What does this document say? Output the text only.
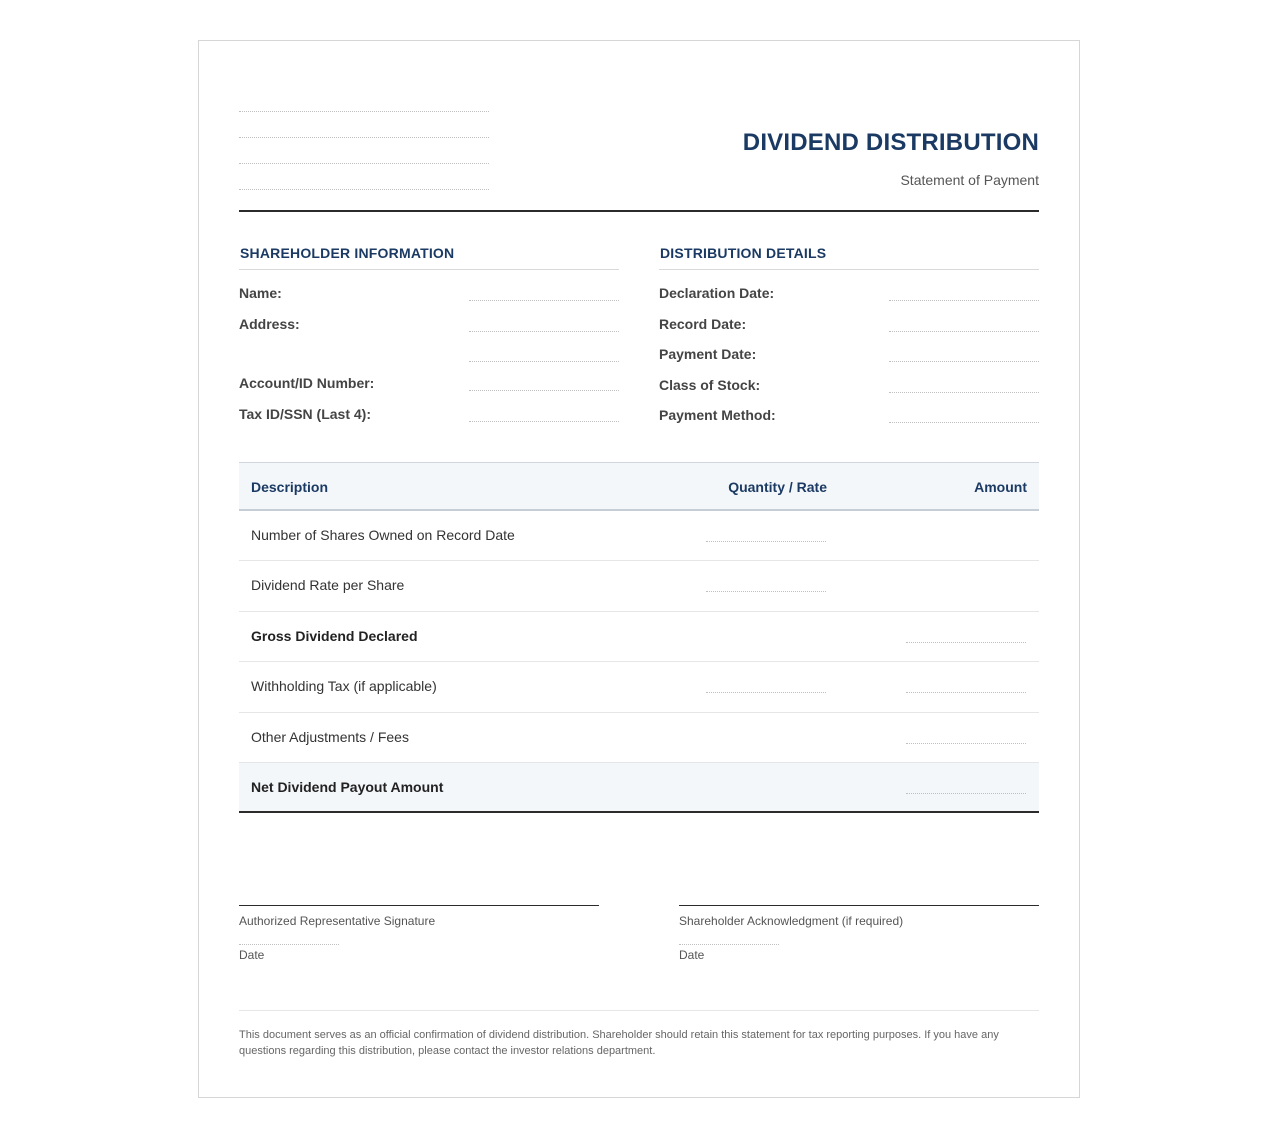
DIVIDEND DISTRIBUTION
Statement of Payment
SHAREHOLDER INFORMATION
Name:
Address:
Account/ID Number:
Tax ID/SSN (Last 4):
DISTRIBUTION DETAILS
Declaration Date:
Record Date:
Payment Date:
Class of Stock:
Payment Method:
Description	Quantity / Rate	Amount
Number of Shares Owned on Record Date
Dividend Rate per Share
Gross Dividend Declared
Withholding Tax (if applicable)
Other Adjustments / Fees
Net Dividend Payout Amount
Authorized Representative Signature
Date
Shareholder Acknowledgment (if required)
Date
This document serves as an official confirmation of dividend distribution. Shareholder should retain this statement for tax reporting purposes. If you have any questions regarding this distribution, please contact the investor relations department.
